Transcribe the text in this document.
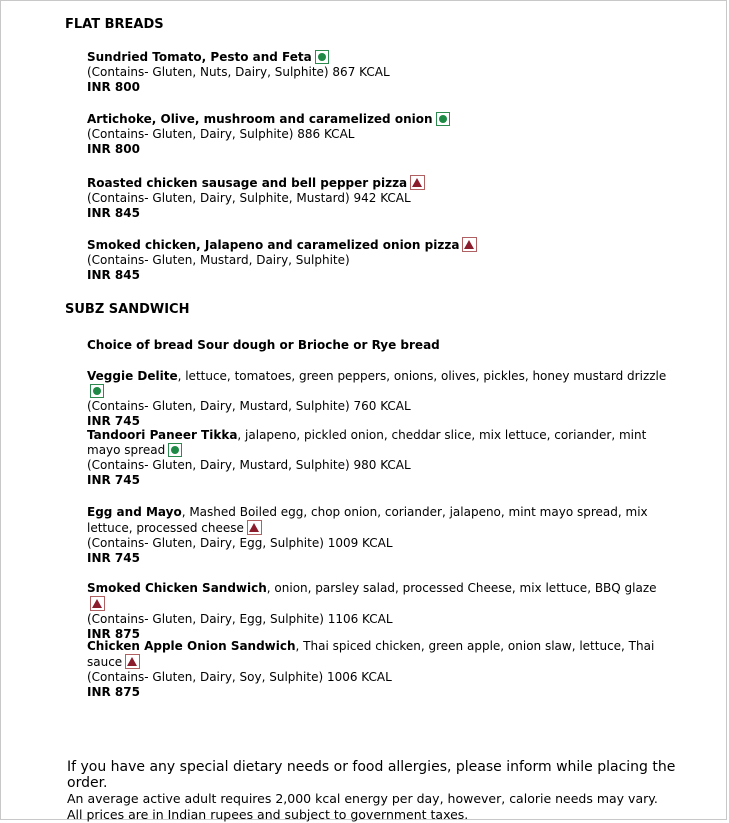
FLAT BREADS
Sundried Tomato, Pesto and Feta
(Contains- Gluten, Nuts, Dairy, Sulphite) 867 KCAL
INR 800
Artichoke, Olive, mushroom and caramelized onion
(Contains- Gluten, Dairy, Sulphite) 886 KCAL
INR 800
Roasted chicken sausage and bell pepper pizza
(Contains- Gluten, Dairy, Sulphite, Mustard) 942 KCAL
INR 845
Smoked chicken, Jalapeno and caramelized onion pizza
(Contains- Gluten, Mustard, Dairy, Sulphite)
INR 845
SUBZ SANDWICH
Choice of bread Sour dough or Brioche or Rye bread
Veggie Delite, lettuce, tomatoes, green peppers, onions, olives, pickles, honey mustard drizzle
(Contains- Gluten, Dairy, Mustard, Sulphite) 760 KCAL
INR 745
Tandoori Paneer Tikka, jalapeno, pickled onion, cheddar slice, mix lettuce, coriander, mint mayo spread
(Contains- Gluten, Dairy, Mustard, Sulphite) 980 KCAL
INR 745
Egg and Mayo, Mashed Boiled egg, chop onion, coriander, jalapeno, mint mayo spread, mix lettuce, processed cheese
(Contains- Gluten, Dairy, Egg, Sulphite) 1009 KCAL
INR 745
Smoked Chicken Sandwich, onion, parsley salad, processed Cheese, mix lettuce, BBQ glaze
(Contains- Gluten, Dairy, Egg, Sulphite) 1106 KCAL
INR 875
Chicken Apple Onion Sandwich, Thai spiced chicken, green apple, onion slaw, lettuce, Thai sauce
(Contains- Gluten, Dairy, Soy, Sulphite) 1006 KCAL
INR 875
If you have any special dietary needs or food allergies, please inform while placing the order.
An average active adult requires 2,000 kcal energy per day, however, calorie needs may vary.
All prices are in Indian rupees and subject to government taxes.
